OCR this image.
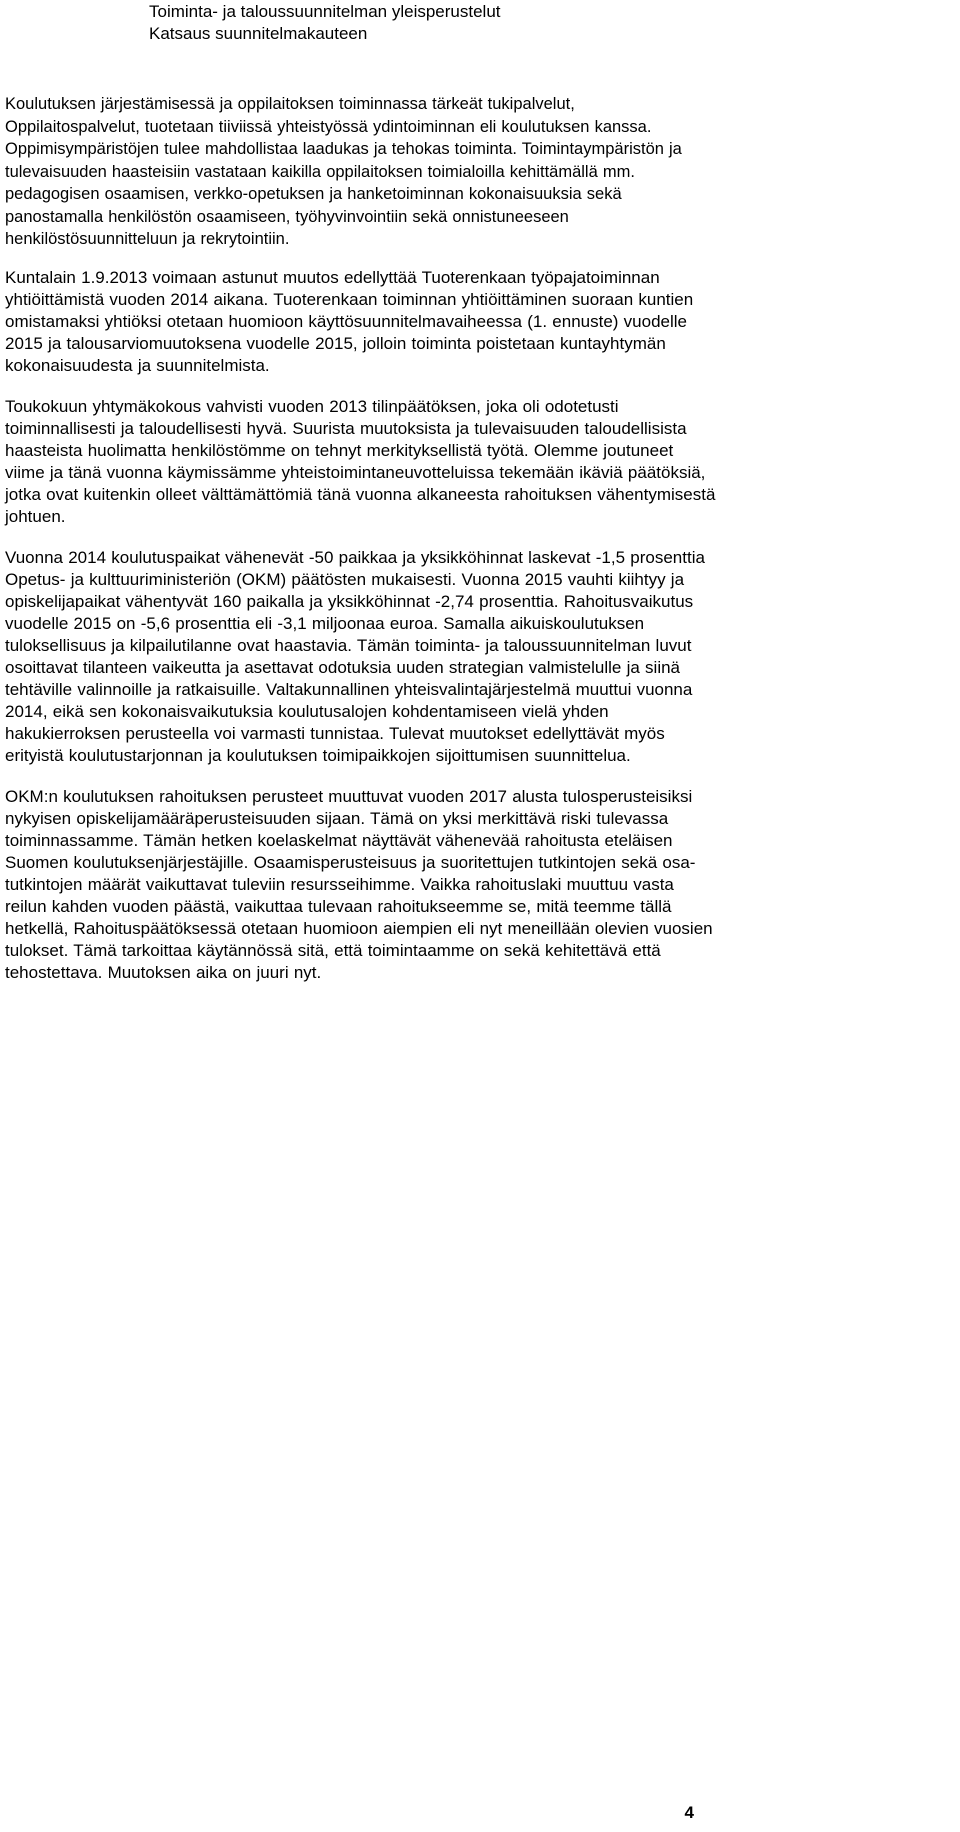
Toiminta- ja taloussuunnitelman yleisperustelut
Katsaus suunnitelmakauteen

Koulutuksen järjestämisessä ja oppilaitoksen toiminnassa tärkeät tukipalvelut,
Oppilaitospalvelut, tuotetaan tiiviissä yhteistyössä ydintoiminnan eli koulutuksen kanssa.
Oppimisympäristöjen tulee mahdollistaa laadukas ja tehokas toiminta. Toimintaympäristön ja
tulevaisuuden haasteisiin vastataan kaikilla oppilaitoksen toimialoilla kehittämällä mm.
pedagogisen osaamisen, verkko-opetuksen ja hanketoiminnan kokonaisuuksia sekä
panostamalla henkilöstön osaamiseen, työhyvinvointiin sekä onnistuneeseen
henkilöstösuunnitteluun ja rekrytointiin.

Kuntalain 1.9.2013 voimaan astunut muutos edellyttää Tuoterenkaan työpajatoiminnan
yhtiöittämistä vuoden 2014 aikana. Tuoterenkaan toiminnan yhtiöittäminen suoraan kuntien
omistamaksi yhtiöksi otetaan huomioon käyttösuunnitelmavaiheessa (1. ennuste) vuodelle
2015 ja talousarviomuutoksena vuodelle 2015, jolloin toiminta poistetaan kuntayhtymän
kokonaisuudesta ja suunnitelmista.

Toukokuun yhtymäkokous vahvisti vuoden 2013 tilinpäätöksen, joka oli odotetusti
toiminnallisesti ja taloudellisesti hyvä. Suurista muutoksista ja tulevaisuuden taloudellisista
haasteista huolimatta henkilöstömme on tehnyt merkityksellistä työtä. Olemme joutuneet
viime ja tänä vuonna käymissämme yhteistoimintaneuvotteluissa tekemään ikäviä päätöksiä,
jotka ovat kuitenkin olleet välttämättömiä tänä vuonna alkaneesta rahoituksen vähentymisestä
johtuen.

Vuonna 2014 koulutuspaikat vähenevät -50 paikkaa ja yksikköhinnat laskevat -1,5 prosenttia
Opetus- ja kulttuuriministeriön (OKM) päätösten mukaisesti. Vuonna 2015 vauhti kiihtyy ja
opiskelijapaikat vähentyvät 160 paikalla ja yksikköhinnat -2,74 prosenttia. Rahoitusvaikutus
vuodelle 2015 on -5,6 prosenttia eli -3,1 miljoonaa euroa. Samalla aikuiskoulutuksen
tuloksellisuus ja kilpailutilanne ovat haastavia. Tämän toiminta- ja taloussuunnitelman luvut
osoittavat tilanteen vaikeutta ja asettavat odotuksia uuden strategian valmistelulle ja siinä
tehtäville valinnoille ja ratkaisuille. Valtakunnallinen yhteisvalintajärjestelmä muuttui vuonna
2014, eikä sen kokonaisvaikutuksia koulutusalojen kohdentamiseen vielä yhden
hakukierroksen perusteella voi varmasti tunnistaa. Tulevat muutokset edellyttävät myös
erityistä koulutustarjonnan ja koulutuksen toimipaikkojen sijoittumisen suunnittelua.

OKM:n koulutuksen rahoituksen perusteet muuttuvat vuoden 2017 alusta tulosperusteisiksi
nykyisen opiskelijamääräperusteisuuden sijaan. Tämä on yksi merkittävä riski tulevassa
toiminnassamme. Tämän hetken koelaskelmat näyttävät vähenevää rahoitusta eteläisen
Suomen koulutuksenjärjestäjille. Osaamisperusteisuus ja suoritettujen tutkintojen sekä osa-
tutkintojen määrät vaikuttavat tuleviin resursseihimme. Vaikka rahoituslaki muuttuu vasta
reilun kahden vuoden päästä, vaikuttaa tulevaan rahoitukseemme se, mitä teemme tällä
hetkellä, Rahoituspäätöksessä otetaan huomioon aiempien eli nyt meneillään olevien vuosien
tulokset. Tämä tarkoittaa käytännössä sitä, että toimintaamme on sekä kehitettävä että
tehostettava. Muutoksen aika on juuri nyt.

4
